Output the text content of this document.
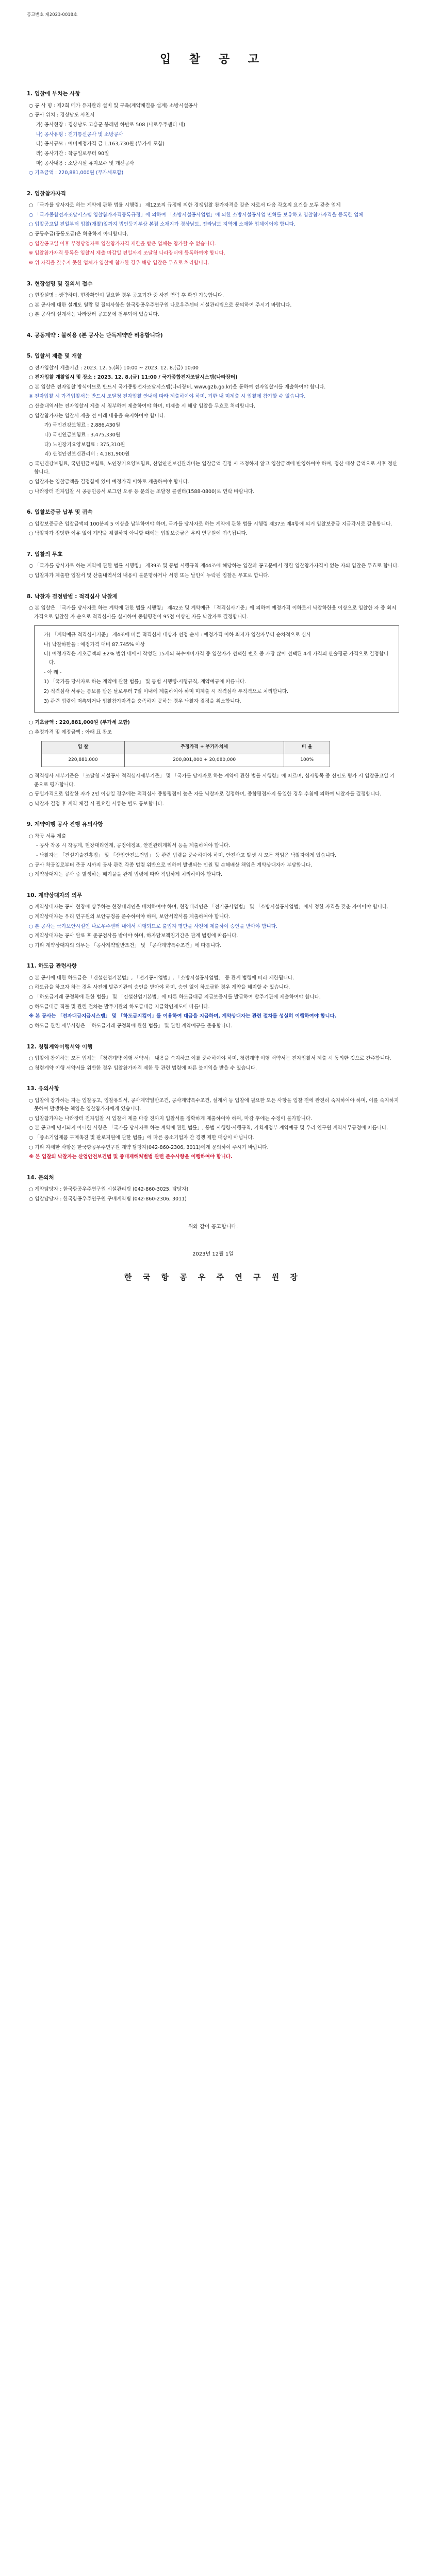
공고번호 제2023-0018호
입 찰 공 고
1. 입찰에 부치는 사항
○ 공 사 명 : 제2회 메카 유지관리 설비 및 구축(계약체결용 설계) 소방시설공사
○ 공사 위치 : 경상남도 사천시
가) 공사현장 : 경상남도 고흥군 봉래면 하반로 508 (나로우주센터 내)
나) 공사유형 : 전기통신공사 및 소방공사
다) 공사규모 : 예비예정가격 금 1,163,730원 (부가세 포함)
라) 공사기간 : 착공일로부터 90일
마) 공사내용 : 소방시설 유지보수 및 개선공사
○ 기초금액 : 220,881,000원 (부가세포함)
2. 입찰참가자격
○ 「국가를 당사자로 하는 계약에 관한 법률 시행령」 제12조의 규정에 의한 경쟁입찰 참가자격을 갖춘 자로서 다음 각호의 요건을 모두 갖춘 업체
○ 「국가종합전자조달시스템 입찰참가자격등록규정」에 의하여 「소방시설공사업법」에 의한 소방시설공사업 면허를 보유하고 입찰참가자격을 등록한 업체
○ 입찰공고일 전일부터 입찰(개찰)일까지 법인등기부상 본점 소재지가 경상남도, 전라남도 지역에 소재한 업체이어야 합니다.
○ 공동수급(공동도급)은 허용하지 아니합니다.
○ 입찰공고일 이후 부정당업자로 입찰참가자격 제한을 받은 업체는 참가할 수 없습니다.
※ 입찰참가자격 등록은 입찰서 제출 마감일 전일까지 조달청 나라장터에 등록하여야 합니다.
※ 위 자격을 갖추지 못한 업체가 입찰에 참가한 경우 해당 입찰은 무효로 처리합니다.
3. 현장설명 및 질의서 접수
○ 현장설명 : 생략하며, 현장확인이 필요한 경우 공고기간 중 사전 연락 후 확인 가능합니다.
○ 본 공사에 대한 설계도 열람 및 질의사항은 한국항공우주연구원 나로우주센터 시설관리팀으로 문의하여 주시기 바랍니다.
○ 본 공사의 설계서는 나라장터 공고문에 첨부되어 있습니다.
4. 공동계약 : 불허용 (본 공사는 단독계약만 허용합니다)
5. 입찰서 제출 및 개찰
○ 전자입찰서 제출기간 : 2023. 12. 5.(화) 10:00 ~ 2023. 12. 8.(금) 10:00
○ 전자입찰 개찰일시 및 장소 : 2023. 12. 8.(금) 11:00 / 국가종합전자조달시스템(나라장터)
○ 본 입찰은 전자입찰 방식이므로 반드시 국가종합전자조달시스템(나라장터, www.g2b.go.kr)을 통하여 전자입찰서를 제출하여야 합니다.
※ 전자입찰 시 가격입찰서는 반드시 조달청 전자입찰 안내에 따라 제출하여야 하며, 기한 내 미제출 시 입찰에 참가할 수 없습니다.
○ 산출내역서는 전자입찰서 제출 시 첨부하여 제출하여야 하며, 미제출 시 해당 입찰을 무효로 처리합니다.
○ 입찰참가자는 입찰서 제출 전 아래 내용을 숙지하여야 합니다.
가) 국민건강보험료 : 2,886,430원
나) 국민연금보험료 : 3,475,330원
다) 노인장기요양보험료 : 375,310원
라) 산업안전보건관리비 : 4,181,900원
○ 국민건강보험료, 국민연금보험료, 노인장기요양보험료, 산업안전보건관리비는 입찰금액 결정 시 조정하지 않고 입찰금액에 반영하여야 하며, 정산 대상 금액으로 사후 정산합니다.
○ 입찰자는 입찰금액을 결정함에 있어 예정가격 이하로 제출하여야 합니다.
○ 나라장터 전자입찰 시 공동인증서 로그인 오류 등 문의는 조달청 콜센터(1588-0800)로 연락 바랍니다.
6. 입찰보증금 납부 및 귀속
○ 입찰보증금은 입찰금액의 100분의 5 이상을 납부하여야 하며, 국가를 당사자로 하는 계약에 관한 법률 시행령 제37조 제4항에 의거 입찰보증금 지급각서로 갈음합니다.
○ 낙찰자가 정당한 이유 없이 계약을 체결하지 아니할 때에는 입찰보증금은 우리 연구원에 귀속됩니다.
7. 입찰의 무효
○ 「국가를 당사자로 하는 계약에 관한 법률 시행령」 제39조 및 동법 시행규칙 제44조에 해당하는 입찰과 공고문에서 정한 입찰참가자격이 없는 자의 입찰은 무효로 합니다.
○ 입찰자가 제출한 입찰서 및 산출내역서의 내용이 불분명하거나 서명 또는 날인이 누락된 입찰은 무효로 합니다.
8. 낙찰자 결정방법 : 적격심사 낙찰제
○ 본 입찰은 「국가를 당사자로 하는 계약에 관한 법률 시행령」 제42조 및 계약예규 「적격심사기준」에 의하여 예정가격 이하로서 낙찰하한율 이상으로 입찰한 자 중 최저가격으로 입찰한 자 순으로 적격심사를 실시하여 종합평점이 95점 이상인 자를 낙찰자로 결정합니다.
가) 「계약예규 적격심사기준」 제4조에 따른 적격심사 대상자 선정 순서 : 예정가격 이하 최저가 입찰자부터 순차적으로 심사
나) 낙찰하한율 : 예정가격 대비 87.745% 이상
다) 예정가격은 기초금액의 ±2% 범위 내에서 작성된 15개의 복수예비가격 중 입찰자가 선택한 번호 중 가장 많이 선택된 4개 가격의 산술평균 가격으로 결정합니다.
- 아 래 -
1) 「국가를 당사자로 하는 계약에 관한 법률」 및 동법 시행령·시행규칙, 계약예규에 따릅니다.
2) 적격심사 서류는 통보를 받은 날로부터 7일 이내에 제출하여야 하며 미제출 시 적격심사 부적격으로 처리합니다.
3) 관련 법령에 저촉되거나 입찰참가자격을 충족하지 못하는 경우 낙찰자 결정을 취소합니다.
○ 기초금액 : 220,881,000원 (부가세 포함)
○ 추정가격 및 예정금액 : 아래 표 참조
입 찰	추정가격 + 부가가치세	비 율
220,881,000	200,801,000 + 20,080,000	100%
○ 적격심사 세부기준은 「조달청 시설공사 적격심사세부기준」 및 「국가를 당사자로 하는 계약에 관한 법률 시행령」에 따르며, 심사항목 중 신인도 평가 시 입찰공고일 기준으로 평가합니다.
○ 동일가격으로 입찰한 자가 2인 이상일 경우에는 적격심사 종합평점이 높은 자를 낙찰자로 결정하며, 종합평점까지 동일한 경우 추첨에 의하여 낙찰자를 결정합니다.
○ 낙찰자 결정 후 계약 체결 시 필요한 서류는 별도 통보합니다.
9. 계약이행 공사 진행 유의사항
○ 착공 서류 제출
- 공사 착공 시 착공계, 현장대리인계, 공정예정표, 안전관리계획서 등을 제출하여야 합니다.
- 낙찰자는 「건설기술진흥법」 및 「산업안전보건법」 등 관련 법령을 준수하여야 하며, 안전사고 발생 시 모든 책임은 낙찰자에게 있습니다.
○ 공사 착공일로부터 준공 시까지 공사 관련 각종 법령 위반으로 인하여 발생되는 민원 및 손해배상 책임은 계약상대자가 부담합니다.
○ 계약상대자는 공사 중 발생하는 폐기물을 관계 법령에 따라 적법하게 처리하여야 합니다.
10. 계약상대자의 의무
○ 계약상대자는 공사 현장에 상주하는 현장대리인을 배치하여야 하며, 현장대리인은 「전기공사업법」 및 「소방시설공사업법」에서 정한 자격을 갖춘 자이어야 합니다.
○ 계약상대자는 우리 연구원의 보안규정을 준수하여야 하며, 보안서약서를 제출하여야 합니다.
○ 본 공사는 국가보안시설인 나로우주센터 내에서 시행되므로 출입자 명단을 사전에 제출하여 승인을 받아야 합니다.
○ 계약상대자는 공사 완료 후 준공검사를 받아야 하며, 하자담보책임기간은 관계 법령에 따릅니다.
○ 기타 계약상대자의 의무는 「공사계약일반조건」 및 「공사계약특수조건」에 따릅니다.
11. 하도급 관련사항
○ 본 공사에 대한 하도급은 「건설산업기본법」, 「전기공사업법」, 「소방시설공사업법」 등 관계 법령에 따라 제한됩니다.
○ 하도급을 하고자 하는 경우 사전에 발주기관의 승인을 받아야 하며, 승인 없이 하도급한 경우 계약을 해지할 수 있습니다.
○ 「하도급거래 공정화에 관한 법률」 및 「건설산업기본법」에 따른 하도급대금 지급보증서를 발급하여 발주기관에 제출하여야 합니다.
○ 하도급대금 직불 및 관련 절차는 발주기관의 하도급대금 지급확인제도에 따릅니다.
※ 본 공사는 「전자대금지급시스템」 및 「하도급지킴이」를 이용하여 대금을 지급하며, 계약상대자는 관련 절차를 성실히 이행하여야 합니다.
○ 하도급 관련 세부사항은 「하도급거래 공정화에 관한 법률」 및 관련 계약예규를 준용합니다.
12. 청렴계약이행서약 이행
○ 입찰에 참여하는 모든 업체는 「청렴계약 이행 서약서」 내용을 숙지하고 이를 준수하여야 하며, 청렴계약 이행 서약서는 전자입찰서 제출 시 동의한 것으로 간주합니다.
○ 청렴계약 이행 서약서를 위반한 경우 입찰참가자격 제한 등 관련 법령에 따른 불이익을 받을 수 있습니다.
13. 유의사항
○ 입찰에 참가하는 자는 입찰공고, 입찰유의서, 공사계약일반조건, 공사계약특수조건, 설계서 등 입찰에 필요한 모든 사항을 입찰 전에 완전히 숙지하여야 하며, 이를 숙지하지 못하여 발생하는 책임은 입찰참가자에게 있습니다.
○ 입찰참가자는 나라장터 전자입찰 시 입찰서 제출 마감 전까지 입찰서를 정확하게 제출하여야 하며, 마감 후에는 수정이 불가합니다.
○ 본 공고에 명시되지 아니한 사항은 「국가를 당사자로 하는 계약에 관한 법률」, 동법 시행령·시행규칙, 기획재정부 계약예규 및 우리 연구원 계약사무규정에 따릅니다.
○ 「중소기업제품 구매촉진 및 판로지원에 관한 법률」에 따른 중소기업자 간 경쟁 제한 대상이 아닙니다.
○ 기타 자세한 사항은 한국항공우주연구원 계약 담당자(042-860-2306, 3011)에게 문의하여 주시기 바랍니다.
※ 본 입찰의 낙찰자는 산업안전보건법 및 중대재해처벌법 관련 준수사항을 이행하여야 합니다.
14. 문의처
○ 계약담당자 : 한국항공우주연구원 시설관리팀 (042-860-3025, 담당자)
○ 입찰담당자 : 한국항공우주연구원 구매계약팀 (042-860-2306, 3011)
위와 같이 공고합니다.
2023년 12월 1일
한 국 항 공 우 주 연 구 원 장
